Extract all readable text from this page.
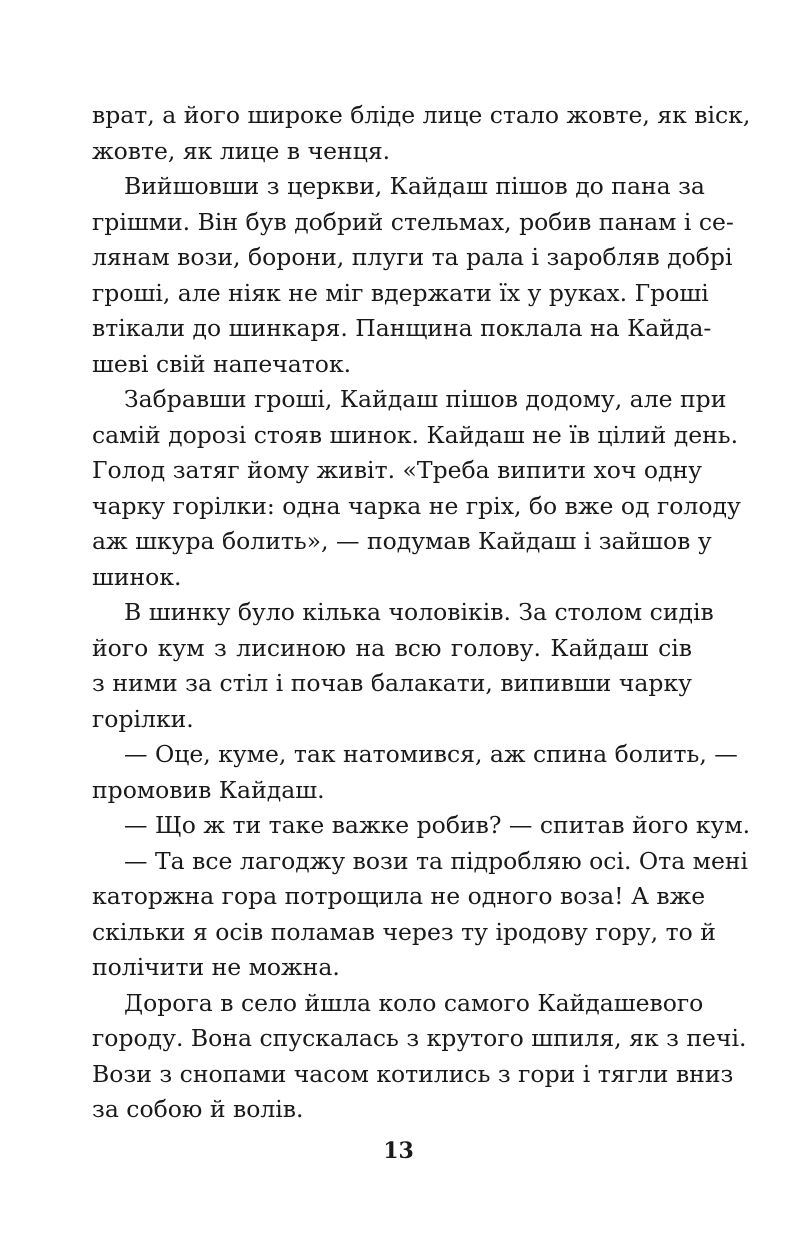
врат, а його широке бліде лице стало жовте, як віск,
жовте, як лице в ченця.

Вийшовши з церкви, Кайдаш пішов до пана за
грішми. Він був добрий стельмах, робив панам і се-
лянам вози, борони, плуги та рала і заробляв добрі
гроші, але ніяк не міг вдержати їх у руках. Гроші
втікали до шинкаря. Панщина поклала на Кайда-
шеві свій напечаток.

Забравши гроші, Кайдаш пішов додому, але при
самій дорозі стояв шинок. Кайдаш не їв цілий день.
Голод затяг йому живіт. «Треба випити хоч одну
чарку горілки: одна чарка не гріх, бо вже од голоду
аж шкура болить», — подумав Кайдаш і зайшов у
шинок.

В шинку було кілька чоловіків. За столом сидів
його кум з лисиною на всю голову. Кайдаш сів
з ними за стіл і почав балакати, випивши чарку
горілки.

— Оце, куме, так натомився, аж спина болить, —
промовив Кайдаш.

— Що ж ти таке важке робив? — спитав його кум.

— Та все лагоджу вози та підробляю осі. Ота мені
каторжна гора потрощила не одного воза! А вже
скільки я осів поламав через ту іродову гору, то й
полічити не можна.

Дорога в село йшла коло самого Кайдашевого
городу. Вона спускалась з крутого шпиля, як з печі.
Вози з снопами часом котились з гори і тягли вниз
за собою й волів.

13
